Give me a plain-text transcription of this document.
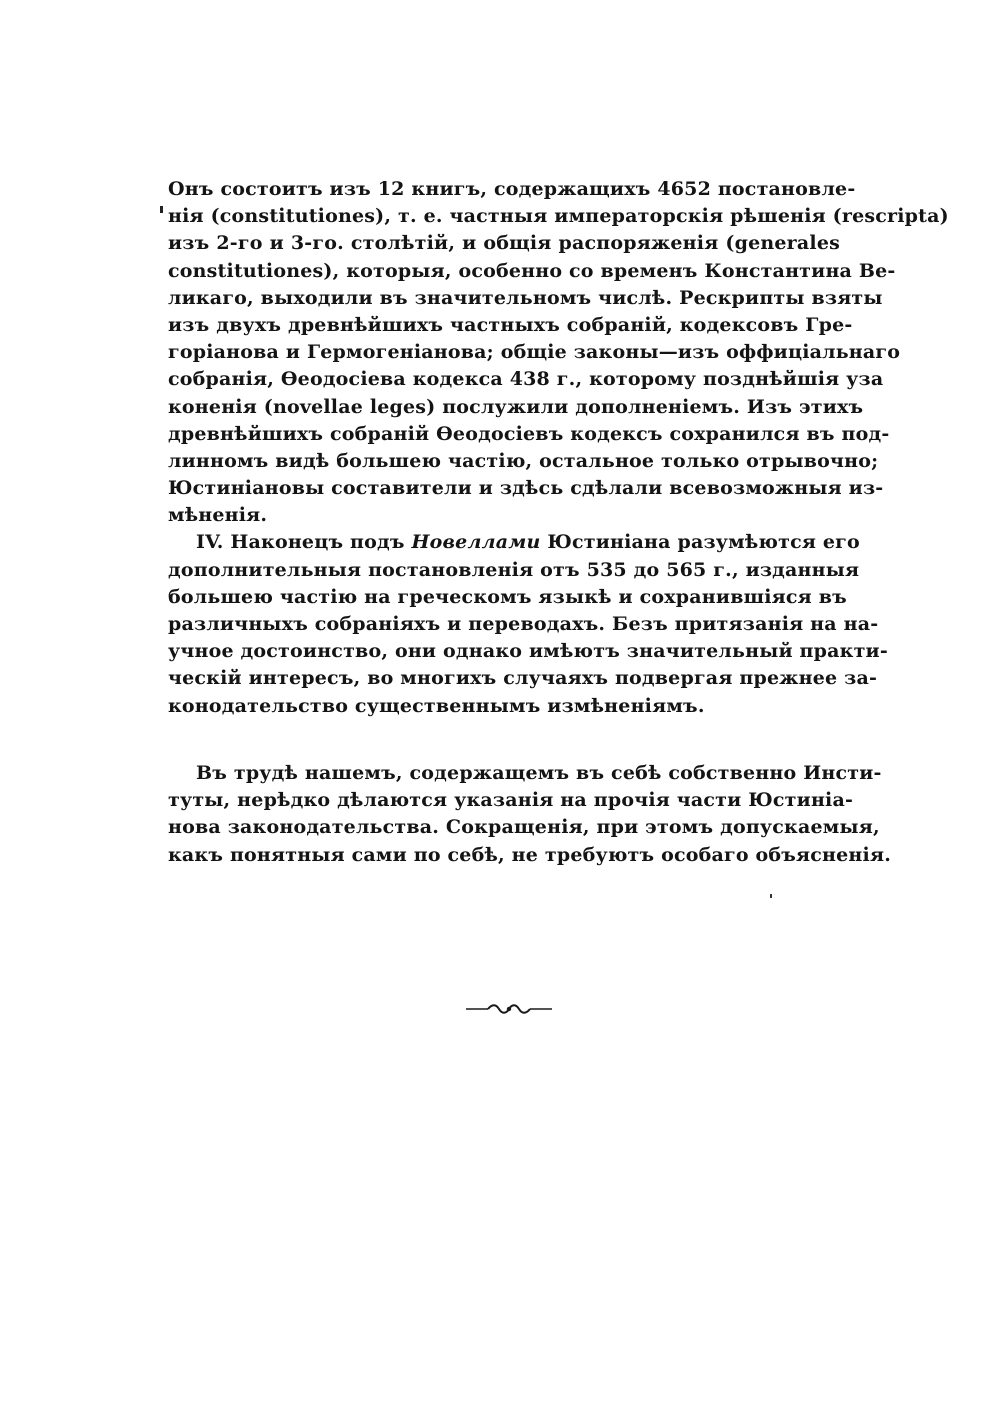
Онъ состоитъ изъ 12 книгъ, содержащихъ 4652 постановле-
нія (constitutiones), т. е. частныя императорскія рѣшенія (rescripta)
изъ 2-го и 3-го. столѣтій, и общія распоряженія (generales
constitutiones), которыя, особенно со временъ Константина Ве-
ликаго, выходили въ значительномъ числѣ. Рескрипты взяты
изъ двухъ древнѣйшихъ частныхъ собраній, кодексовъ Гре-
горіанова и Гермогеніанова; общіе законы—изъ оффиціальнаго
собранія, Ѳеодосіева кодекса 438 г., которому позднѣйшія уза
коненія (novellae leges) послужили дополненіемъ. Изъ этихъ
древнѣйшихъ собраній Ѳеодосіевъ кодексъ сохранился въ под-
линномъ видѣ большею частію, остальное только отрывочно;
Юстиніановы составители и здѣсь сдѣлали всевозможныя из-
мѣненія.
IV. Наконецъ подъ Новеллами Юстиніана разумѣются его
дополнительныя постановленія отъ 535 до 565 г., изданныя
большею частію на греческомъ языкѣ и сохранившіяся въ
различныхъ собраніяхъ и переводахъ. Безъ притязанія на на-
учное достоинство, они однако имѣютъ значительный практи-
ческій интересъ, во многихъ случаяхъ подвергая прежнее за-
конодательство существеннымъ измѣненіямъ.
Въ трудѣ нашемъ, содержащемъ въ себѣ собственно Инсти-
туты, нерѣдко дѣлаются указанія на прочія части Юстиніа-
нова законодательства. Сокращенія, при этомъ допускаемыя,
какъ понятныя сами по себѣ, не требуютъ особаго объясненія.
